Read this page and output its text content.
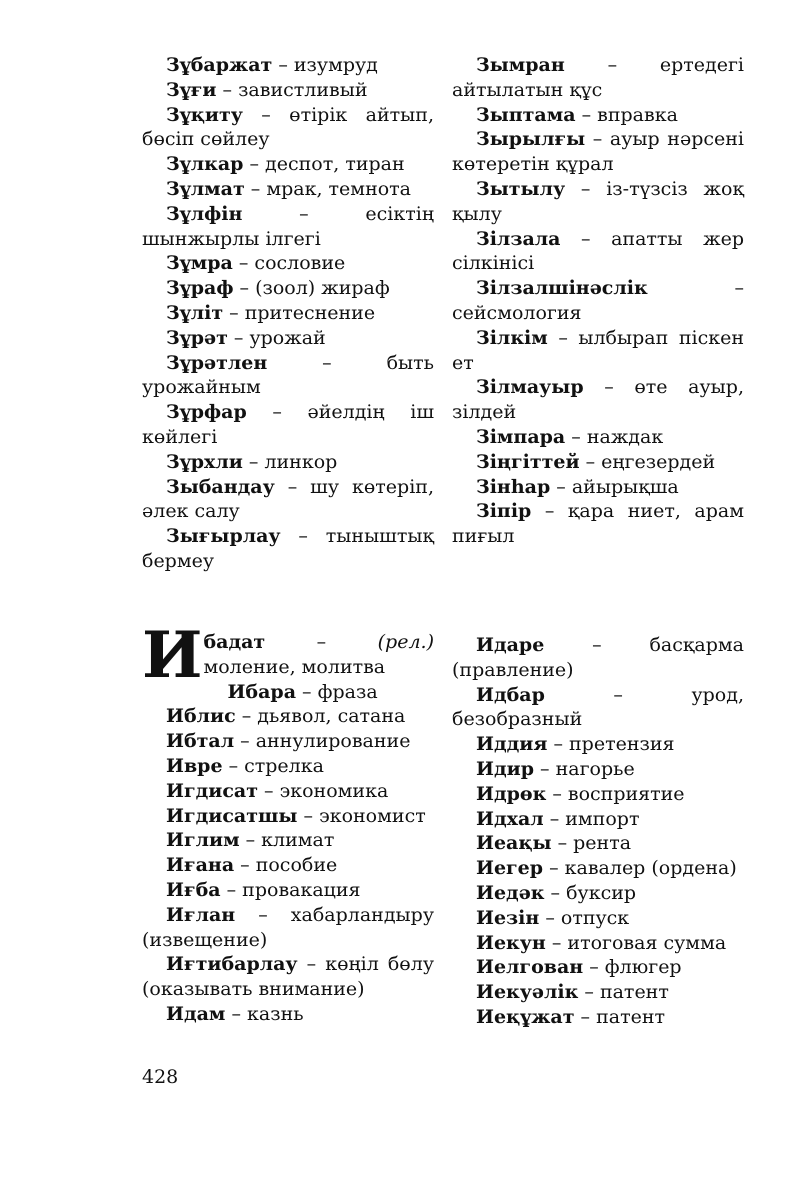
Зұбаржат – изумруд
Зұғи – завистливый
Зұқиту – өтірік айтып, бөсіп сөйлеу
Зұлкар – деспот, тиран
Зұлмат – мрак, темнота
Зұлфін – есіктің шынжырлы ілгегі
Зұмра – сословие
Зұраф – (зоол) жираф
Зұліт – притеснение
Зұрәт – урожай
Зұрәтлен – быть урожайным
Зұрфар – әйелдің іш көйлегі
Зұрхли – линкор
Зыбандау – шу көтеріп, әлек салу
Зығырлау – тыныштық бермеу
Зымран – ертедегі айтылатын құс
Зыптама – вправка
Зырылғы – ауыр нәрсені көтеретін құрал
Зытылу – із-түзсіз жоқ қылу
Зілзала – апатты жер сілкінісі
Зілзалшінәслік – сейсмология
Зілкім – ылбырап піскен ет
Зілмауыр – өте ауыр, зілдей
Зімпара – наждак
Зіңгіттей – еңгезердей
Зінһар – айырықша
Зіпір – қара ниет, арам пиғыл
Ибадат – (рел.) моление, молитва
Ибара – фраза
Иблис – дьявол, сатана
Ибтал – аннулирование
Ивре – стрелка
Игдисат – экономика
Игдисатшы – экономист
Иглим – климат
Иғана – пособие
Иғба – провакация
Иғлан – хабарландыру (извещение)
Иғтибарлау – көңіл бөлу (оказывать внимание)
Идам – казнь
Идаре – басқарма (правление)
Идбар – урод, безобразный
Иддия – претензия
Идир – нагорье
Идрөк – восприятие
Идхал – импорт
Иеақы – рента
Иегер – кавалер (ордена)
Иедәк – буксир
Иезін – отпуск
Иекун – итоговая сумма
Иелгован – флюгер
Иекуәлік – патент
Иеқұжат – патент
428
